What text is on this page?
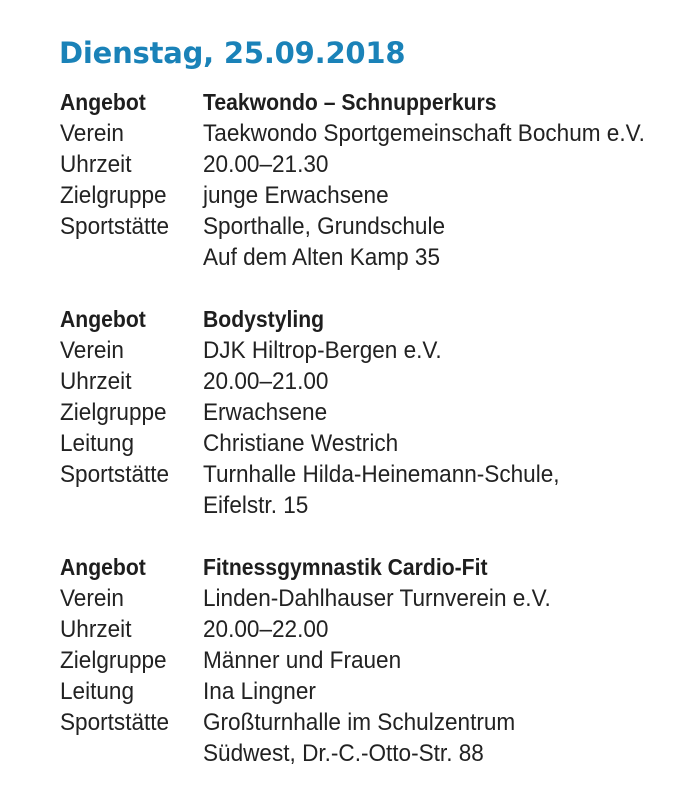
Dienstag, 25.09.2018
Angebot	Teakwondo – Schnupperkurs
Verein	Taekwondo Sportgemeinschaft Bochum e.V.
Uhrzeit	20.00–21.30
Zielgruppe	junge Erwachsene
Sportstätte	Sporthalle, Grundschule
Auf dem Alten Kamp 35
Angebot	Bodystyling
Verein	DJK Hiltrop-Bergen e.V.
Uhrzeit	20.00–21.00
Zielgruppe	Erwachsene
Leitung	Christiane Westrich
Sportstätte	Turnhalle Hilda-Heinemann-Schule,
Eifelstr. 15
Angebot	Fitnessgymnastik Cardio-Fit
Verein	Linden-Dahlhauser Turnverein e.V.
Uhrzeit	20.00–22.00
Zielgruppe	Männer und Frauen
Leitung	Ina Lingner
Sportstätte	Großturnhalle im Schulzentrum
Südwest, Dr.-C.-Otto-Str. 88
